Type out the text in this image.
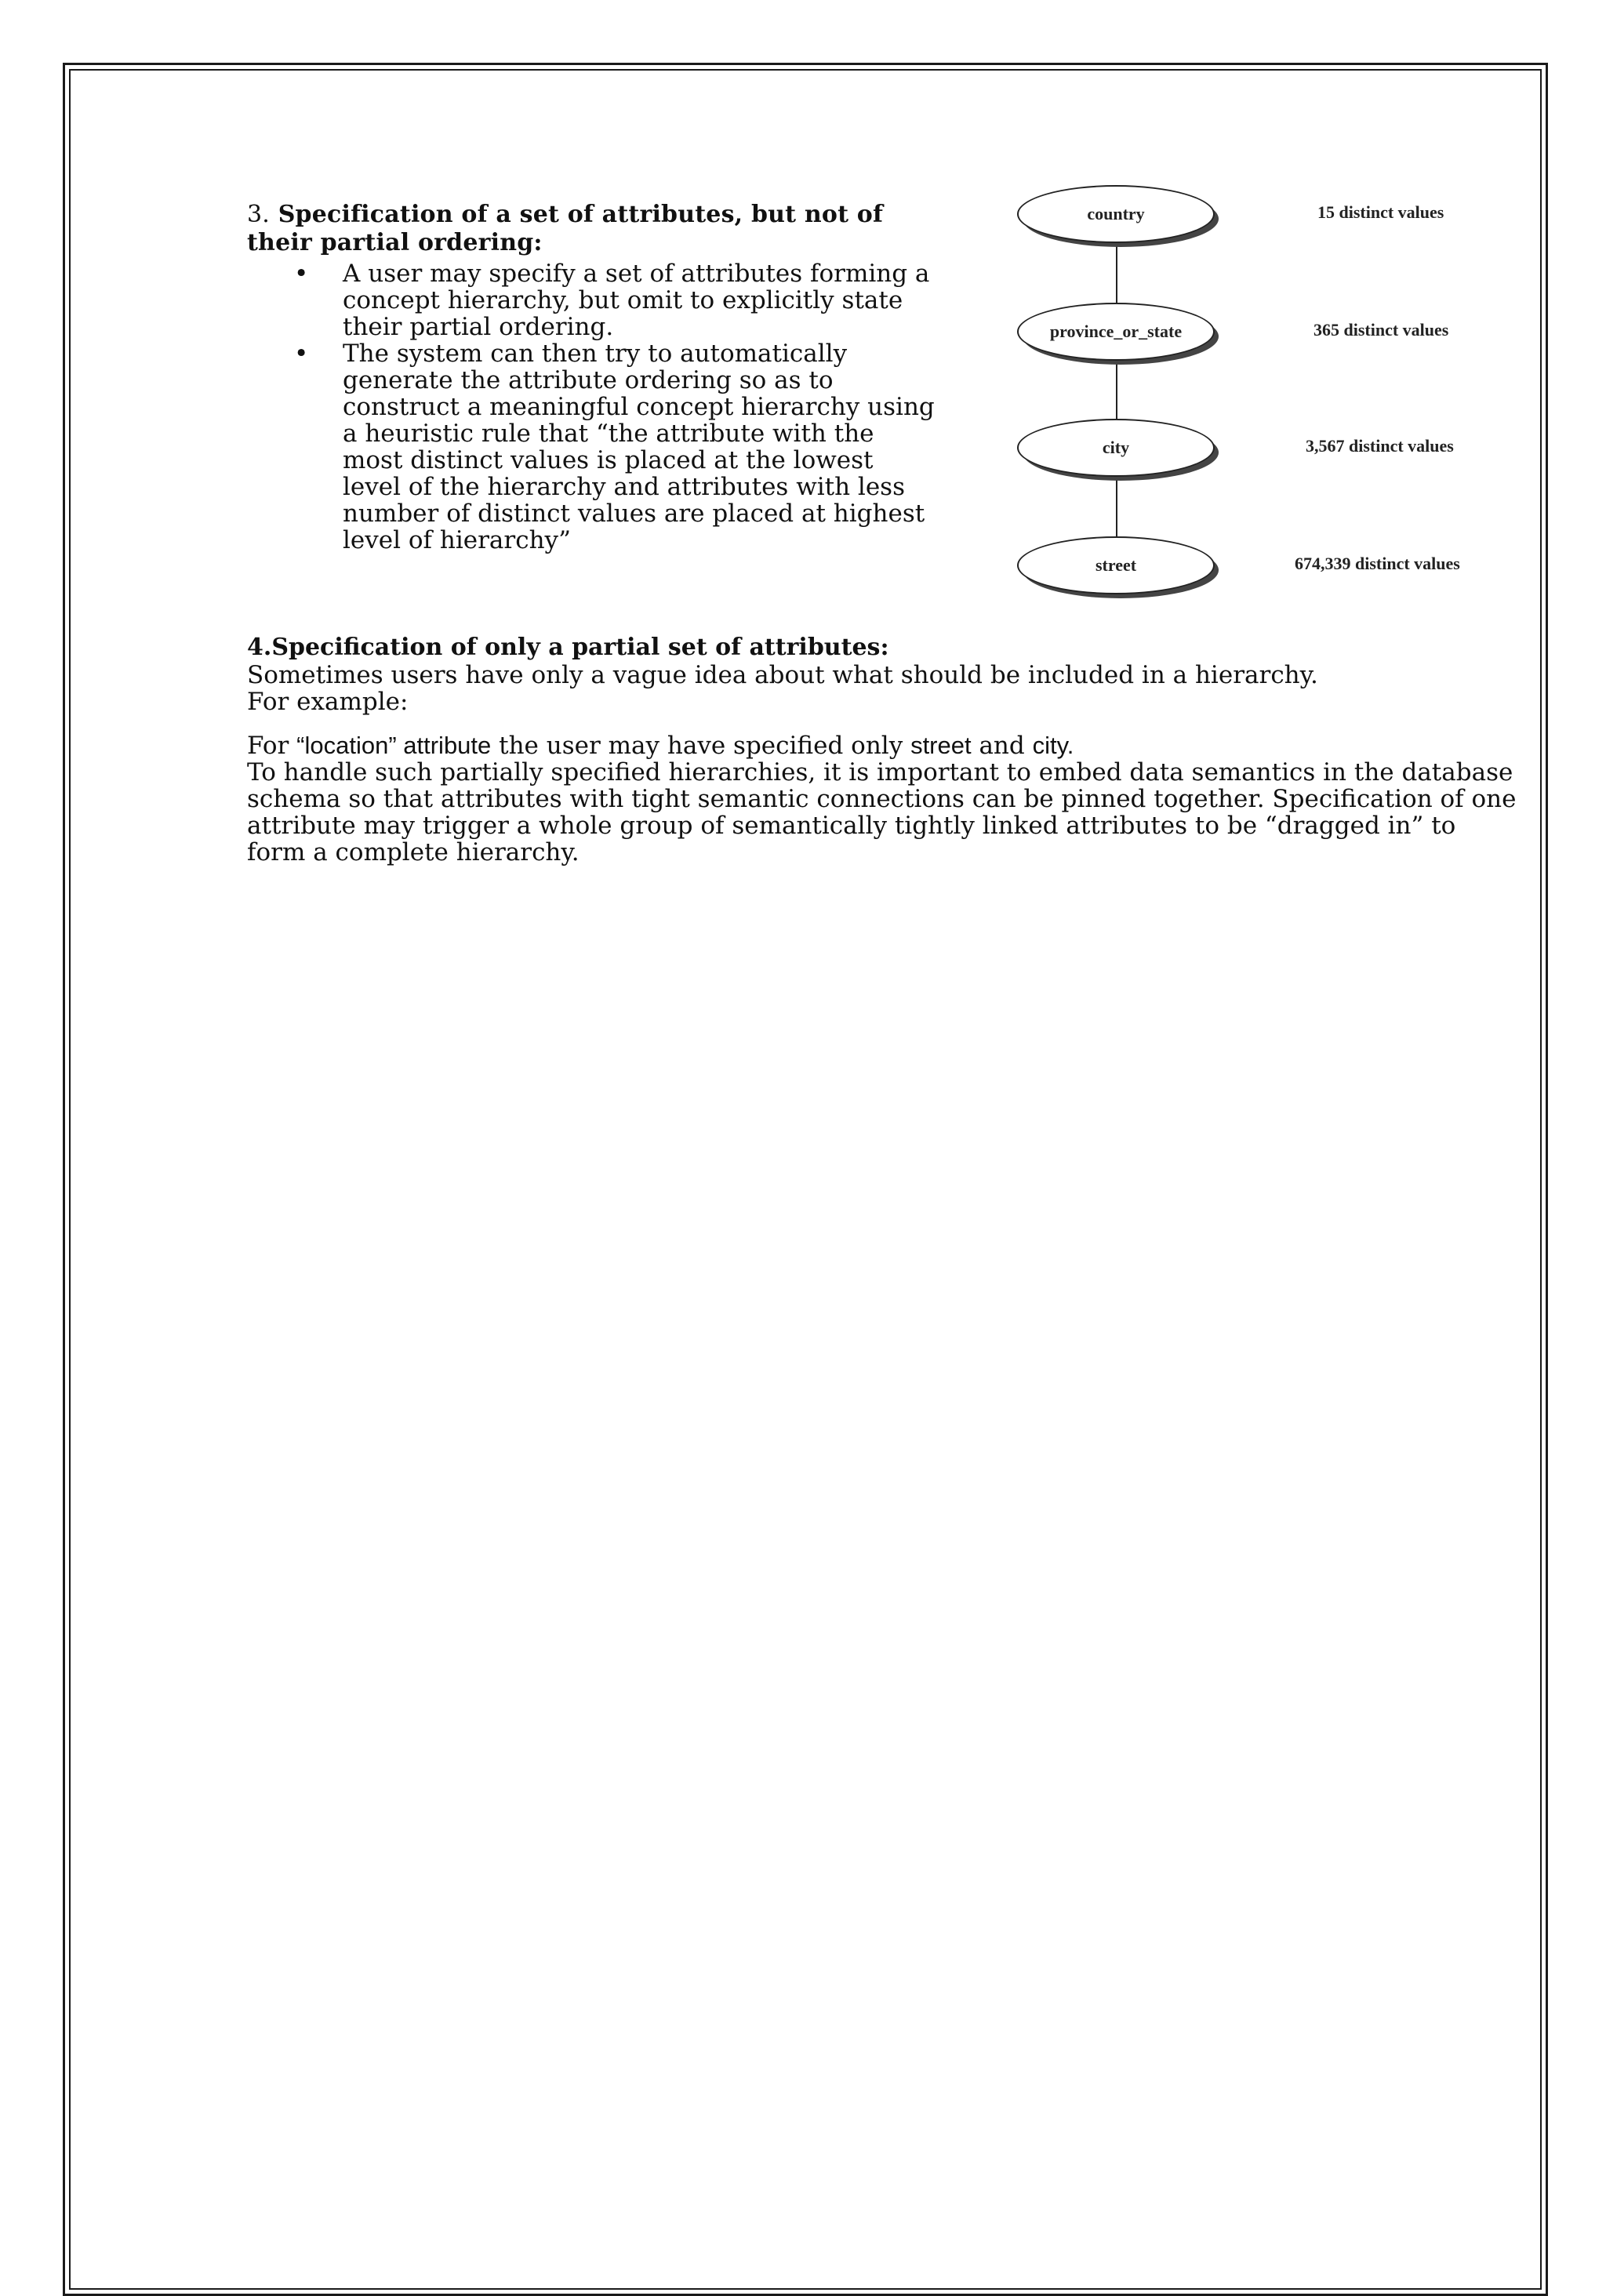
3. Specification of a set of attributes, but not of their partial ordering:
• A user may specify a set of attributes forming a concept hierarchy, but omit to explicitly state their partial ordering.
• The system can then try to automatically generate the attribute ordering so as to construct a meaningful concept hierarchy using a heuristic rule that “the attribute with the most distinct values is placed at the lowest level of the hierarchy and attributes with less number of distinct values are placed at highest level of hierarchy”
country
province_or_state
city
street
15 distinct values
365 distinct values
3,567 distinct values
674,339 distinct values
4.Specification of only a partial set of attributes:
Sometimes users have only a vague idea about what should be included in a hierarchy.
For example:
For “location” attribute the user may have specified only street and city.
To handle such partially specified hierarchies, it is important to embed data semantics in the database schema so that attributes with tight semantic connections can be pinned together. Specification of one attribute may trigger a whole group of semantically tightly linked attributes to be “dragged in” to form a complete hierarchy.
